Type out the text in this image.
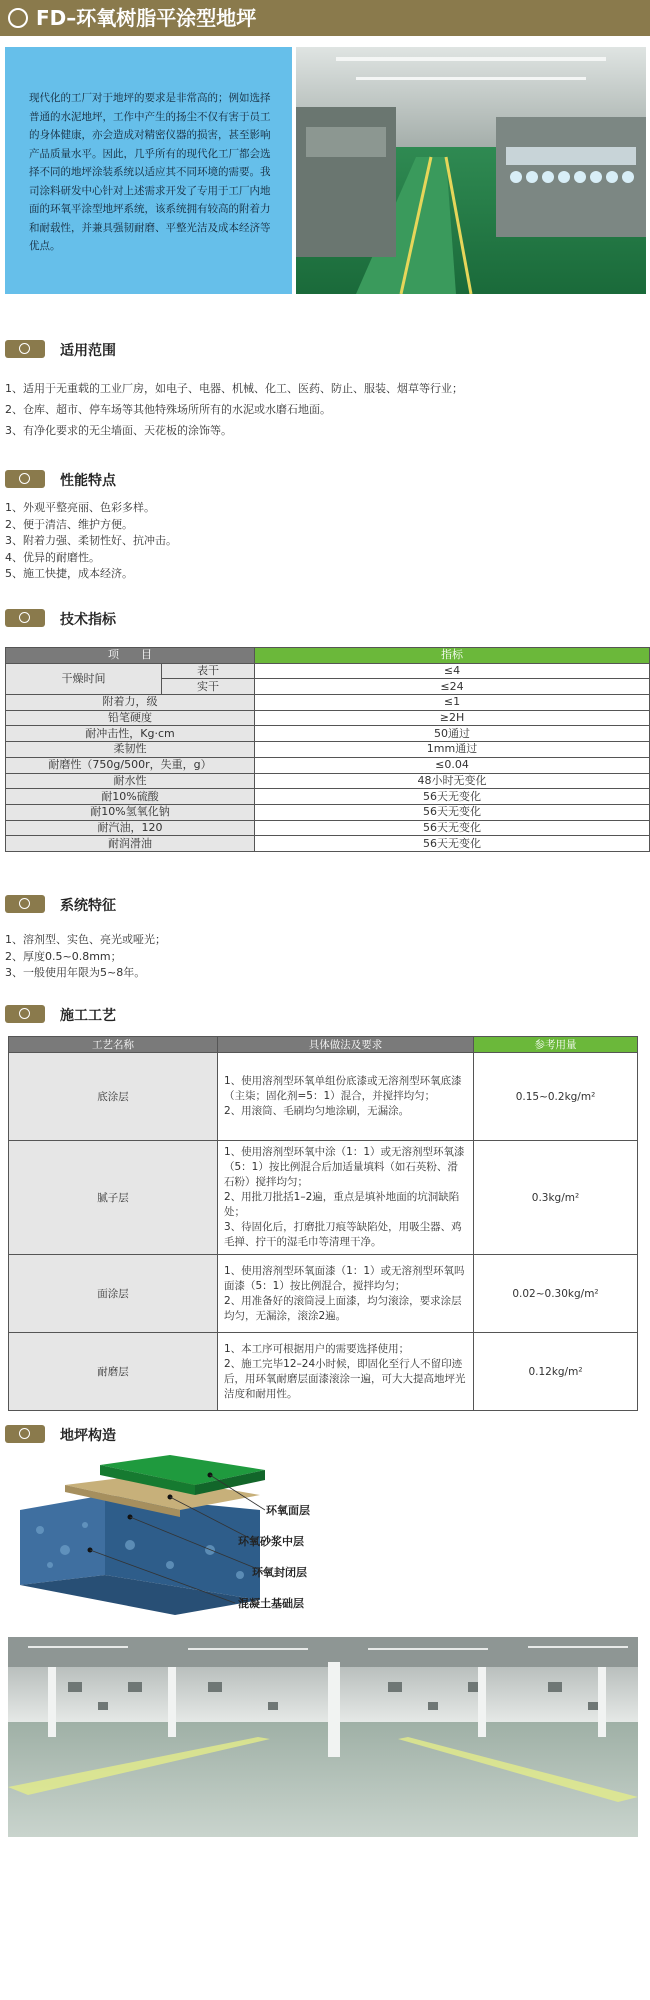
FD–环氧树脂平涂型地坪
现代化的工厂对于地坪的要求是非常高的；例如选择普通的水泥地坪，工作中产生的扬尘不仅有害于员工的身体健康，亦会造成对精密仪器的损害，甚至影响产品质量水平。因此，几乎所有的现代化工厂都会选择不同的地坪涂装系统以适应其不同环境的需要。我司涂料研发中心针对上述需求开发了专用于工厂内地面的环氧平涂型地坪系统，该系统拥有较高的附着力和耐载性，并兼具强韧耐磨、平整光洁及成本经济等优点。
适用范围
1、适用于无重载的工业厂房，如电子、电器、机械、化工、医药、防止、服装、烟草等行业；
2、仓库、超市、停车场等其他特殊场所所有的水泥或水磨石地面。
3、有净化要求的无尘墙面、天花板的涂饰等。
性能特点
1、外观平整亮丽、色彩多样。
2、便于清洁、维护方便。
3、附着力强、柔韧性好、抗冲击。
4、优异的耐磨性。
5、施工快捷，成本经济。
技术指标
项　　目		指标
干燥时间	表干	≤4
	实干	≤24
附着力，级		≤1
铅笔硬度		≥2H
耐冲击性，Kg·cm		50通过
柔韧性		1mm通过
耐磨性（750g/500r，失重，g）		≤0.04
耐水性		48小时无变化
耐10%硫酸		56天无变化
耐10%氢氧化钠		56天无变化
耐汽油，120		56天无变化
耐润滑油		56天无变化
系统特征
1、溶剂型、实色、亮光或哑光；
2、厚度0.5~0.8mm；
3、一般使用年限为5~8年。
施工工艺
工艺名称	具体做法及要求	参考用量
底涂层	1、使用溶剂型环氧单组份底漆或无溶剂型环氧底漆（主柒；固化剂=5：1）混合，并搅拌均匀；
2、用滚筒、毛刷均匀地涂刷，无漏涂。	0.15~0.2kg/m²
腻子层	1、使用溶剂型环氧中涂（1：1）或无溶剂型环氧漆（5：1）按比例混合后加适量填料（如石英粉、滑石粉）搅拌均匀；
2、用批刀批括1–2遍，重点是填补地面的坑洞缺陷处；
3、待固化后，打磨批刀痕等缺陷处，用吸尘器、鸡毛掸、拧干的湿毛巾等清理干净。	0.3kg/m²
面涂层	1、使用溶剂型环氧面漆（1：1）或无溶剂型环氧吗面漆（5：1）按比例混合，搅拌均匀；
2、用准备好的滚筒浸上面漆，均匀滚涂，要求涂层均匀，无漏涂，滚涂2遍。	0.02~0.30kg/m²
耐磨层	1、本工序可根据用户的需要选择使用；
2、施工完毕12–24小时候，即固化至行人不留印迹后，用环氧耐磨层面漆滚涂一遍，可大大提高地坪光洁度和耐用性。	0.12kg/m²
地坪构造
环氧面层
环氧砂浆中层
环氧封闭层
混凝土基础层
